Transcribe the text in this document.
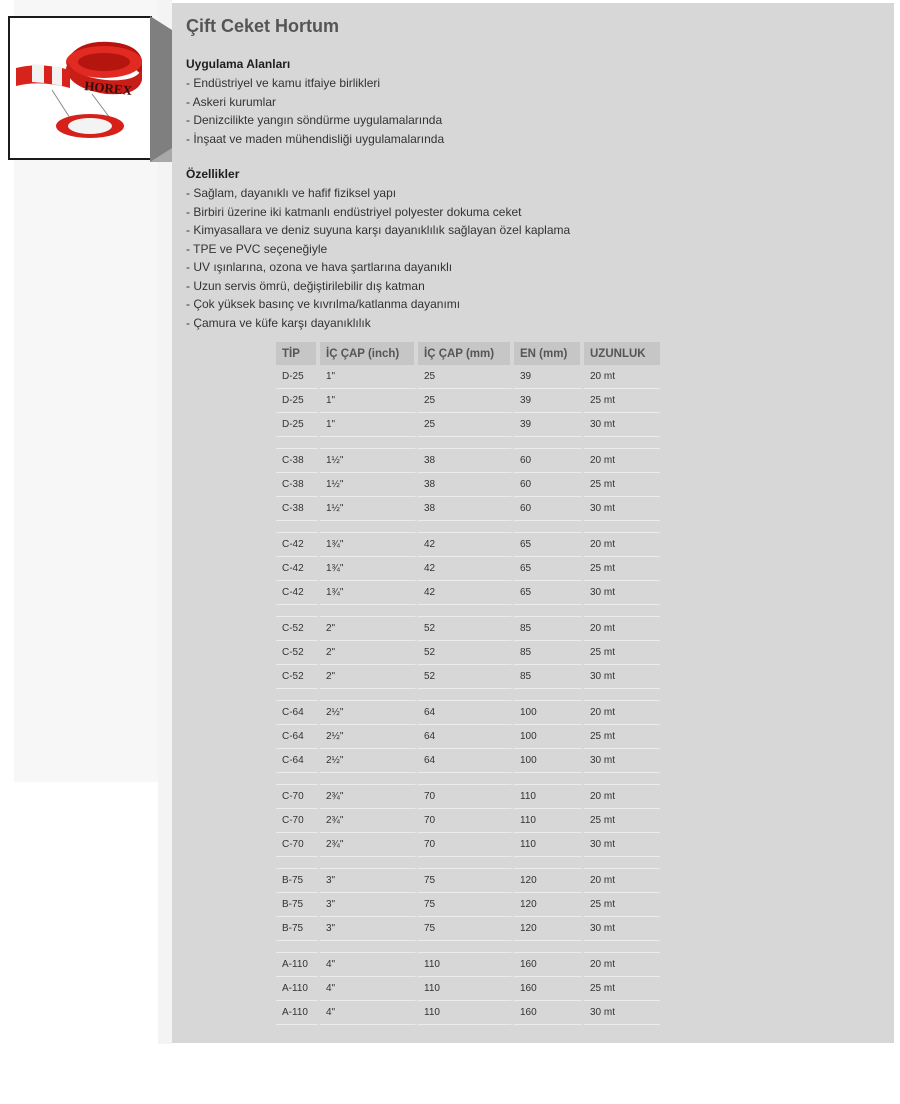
HOREX
Çift Ceket Hortum
Uygulama Alanları
- Endüstriyel ve kamu itfaiye birlikleri
- Askeri kurumlar
- Denizcilikte yangın söndürme uygulamalarında
- İnşaat ve maden mühendisliği uygulamalarında
Özellikler
- Sağlam, dayanıklı ve hafif fiziksel yapı
- Birbiri üzerine iki katmanlı endüstriyel polyester dokuma ceket
- Kimyasallara ve deniz suyuna karşı dayanıklılık sağlayan özel kaplama
- TPE ve PVC seçeneğiyle
- UV ışınlarına, ozona ve hava şartlarına dayanıklı
- Uzun servis ömrü, değiştirilebilir dış katman
- Çok yüksek basınç ve kıvrılma/katlanma dayanımı
- Çamura ve küfe karşı dayanıklılık
TİP	İÇ ÇAP (inch)	İÇ ÇAP (mm)	EN (mm)	UZUNLUK
D-25	1"	25	39	20 mt
D-25	1"	25	39	25 mt
D-25	1"	25	39	30 mt

C-38	1½"	38	60	20 mt
C-38	1½"	38	60	25 mt
C-38	1½"	38	60	30 mt

C-42	1¾"	42	65	20 mt
C-42	1¾"	42	65	25 mt
C-42	1¾"	42	65	30 mt

C-52	2"	52	85	20 mt
C-52	2"	52	85	25 mt
C-52	2"	52	85	30 mt

C-64	2½"	64	100	20 mt
C-64	2½"	64	100	25 mt
C-64	2½"	64	100	30 mt

C-70	2¾"	70	110	20 mt
C-70	2¾"	70	110	25 mt
C-70	2¾"	70	110	30 mt

B-75	3"	75	120	20 mt
B-75	3"	75	120	25 mt
B-75	3"	75	120	30 mt

A-110	4"	110	160	20 mt
A-110	4"	110	160	25 mt
A-110	4"	110	160	30 mt
